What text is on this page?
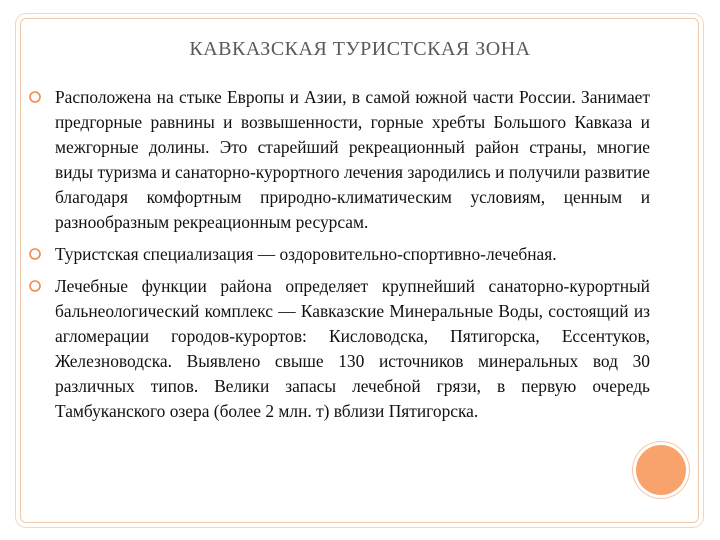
КАВКАЗСКАЯ ТУРИСТСКАЯ ЗОНА

Расположена на стыке Европы и Азии, в самой южной части России. Занимает предгорные равнины и возвышенности, горные хребты Большого Кавказа и межгорные долины. Это старейший рекреационный район страны, многие виды туризма и санаторно-курортного лечения зародились и получили развитие благодаря комфортным природно-климатическим условиям, ценным и разнообразным рекреационным ресурсам.

Туристская специализация — оздоровительно-спортивно-лечебная.

Лечебные функции района определяет крупнейший санаторно-курортный бальнеологический комплекс — Кавказские Минеральные Воды, состоящий из агломерации городов-курортов: Кисловодска, Пятигорска, Ессентуков, Железноводска. Выявлено свыше 130 источников минеральных вод 30 различных типов. Велики запасы лечебной грязи, в первую очередь Тамбуканского озера (более 2 млн. т) вблизи Пятигорска.
